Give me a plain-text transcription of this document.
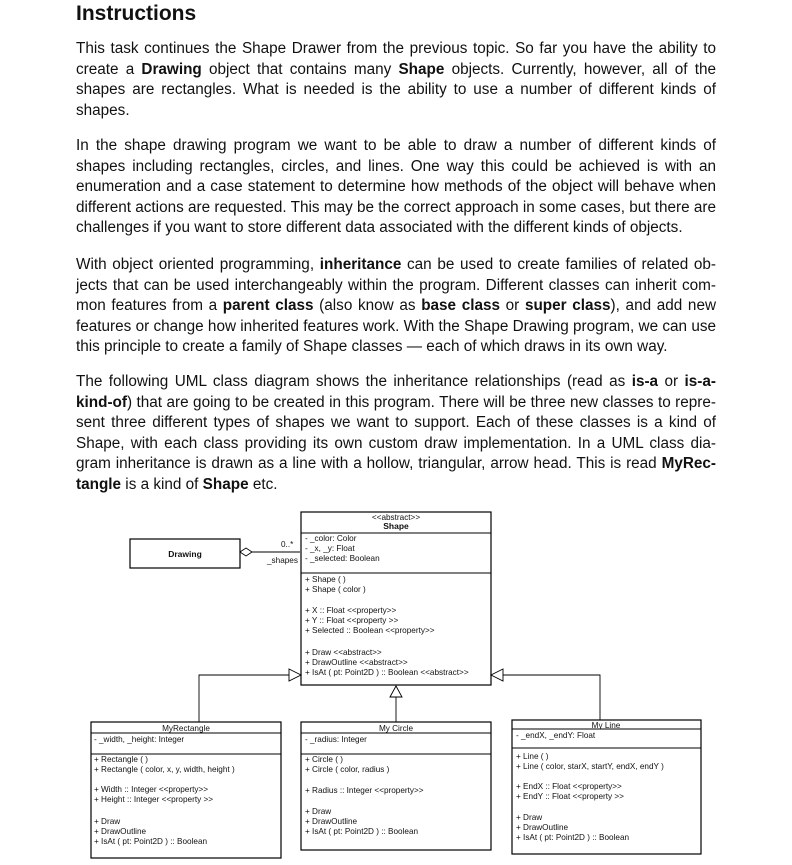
Instructions

This task continues the Shape Drawer from the previous topic. So far you have the ability to create a Drawing object that contains many Shape objects. Currently, however, all of the shapes are rectangles. What is needed is the ability to use a number of different kinds of shapes.

In the shape drawing program we want to be able to draw a number of different kinds of shapes including rectangles, circles, and lines. One way this could be achieved is with an enumeration and a case statement to determine how methods of the object will behave when different actions are requested. This may be the correct approach in some cases, but there are challenges if you want to store different data associated with the different kinds of objects.

With object oriented programming, inheritance can be used to create families of related objects that can be used interchangeably within the program. Different classes can inherit common features from a parent class (also know as base class or super class), and add new features or change how inherited features work. With the Shape Drawing program, we can use this principle to create a family of Shape classes — each of which draws in its own way.

The following UML class diagram shows the inheritance relationships (read as is-a or is-a-kind-of) that are going to be created in this program. There will be three new classes to represent three different types of shapes we want to support. Each of these classes is a kind of Shape, with each class providing its own custom draw implementation. In a UML class diagram inheritance is drawn as a line with a hollow, triangular, arrow head. This is read MyRectangle is a kind of Shape etc.

Drawing
0..*
_shapes
<<abstract>>
Shape
- _color: Color
- _x, _y: Float
- _selected: Boolean
+ Shape ( )
+ Shape ( color )
+ X :: Float <<property>>
+ Y :: Float <<property >>
+ Selected :: Boolean <<property>>
+ Draw <<abstract>>
+ DrawOutline <<abstract>>
+ IsAt ( pt: Point2D ) :: Boolean <<abstract>>
MyRectangle
- _width, _height: Integer
+ Rectangle ( )
+ Rectangle ( color, x, y, width, height )
+ Width :: Integer <<property>>
+ Height :: Integer <<property >>
+ Draw
+ DrawOutline
+ IsAt ( pt: Point2D ) :: Boolean
My Circle
- _radius: Integer
+ Circle ( )
+ Circle ( color, radius )
+ Radius :: Integer <<property>>
+ Draw
+ DrawOutline
+ IsAt ( pt: Point2D ) :: Boolean
My Line
- _endX, _endY: Float
+ Line ( )
+ Line ( color, starX, startY, endX, endY )
+ EndX :: Float <<property>>
+ EndY :: Float <<property >>
+ Draw
+ DrawOutline
+ IsAt ( pt: Point2D ) :: Boolean
